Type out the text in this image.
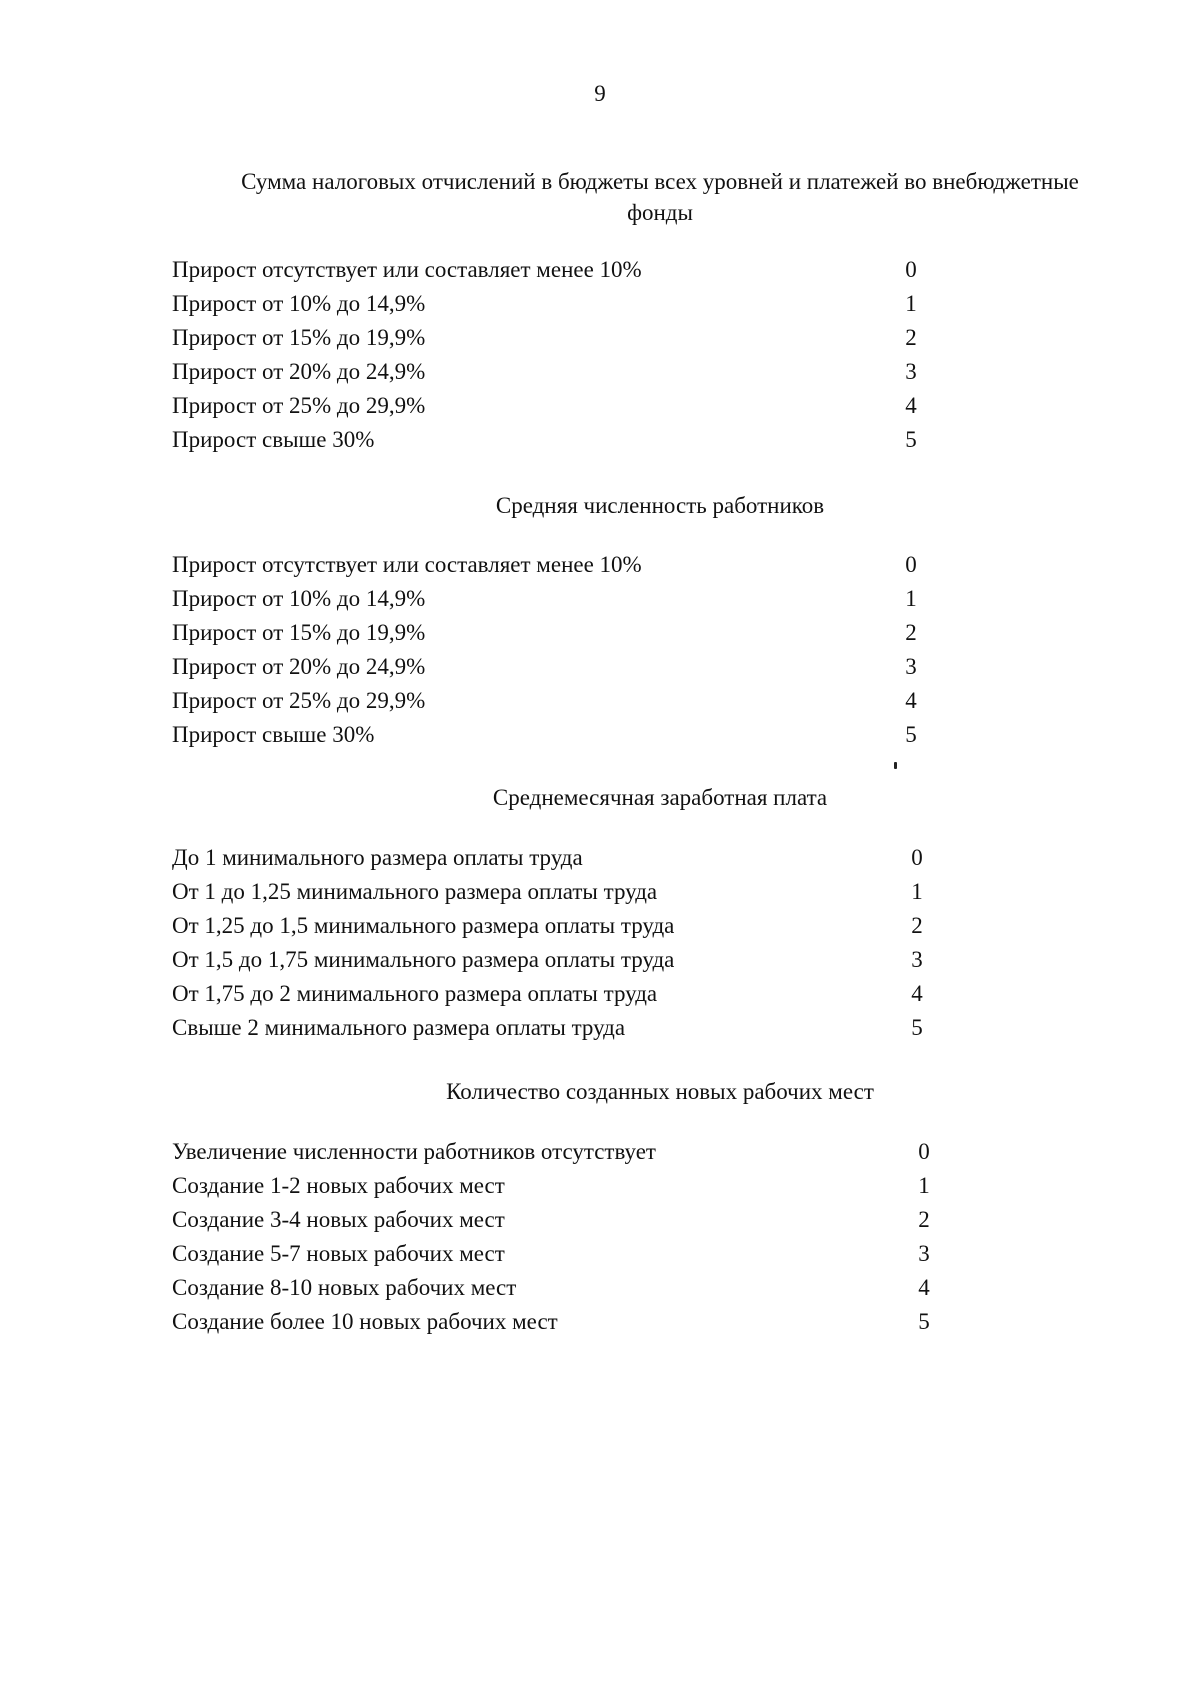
9
Сумма налоговых отчислений в бюджеты всех уровней и платежей во внебюджетные
фонды
Прирост отсутствует или составляет менее 10%	0
Прирост от 10% до 14,9%	1
Прирост от 15% до 19,9%	2
Прирост от 20% до 24,9%	3
Прирост от 25% до 29,9%	4
Прирост свыше 30%	5
Средняя численность работников
Прирост отсутствует или составляет менее 10%	0
Прирост от 10% до 14,9%	1
Прирост от 15% до 19,9%	2
Прирост от 20% до 24,9%	3
Прирост от 25% до 29,9%	4
Прирост свыше 30%	5
Среднемесячная заработная плата
До 1 минимального размера оплаты труда	0
От 1 до 1,25 минимального размера оплаты труда	1
От 1,25 до 1,5 минимального размера оплаты труда	2
От 1,5 до 1,75 минимального размера оплаты труда	3
От 1,75 до 2 минимального размера оплаты труда	4
Свыше 2 минимального размера оплаты труда	5
Количество созданных новых рабочих мест
Увеличение численности работников отсутствует	0
Создание 1-2 новых рабочих мест	1
Создание 3-4 новых рабочих мест	2
Создание 5-7 новых рабочих мест	3
Создание 8-10 новых рабочих мест	4
Создание более 10 новых рабочих мест	5
